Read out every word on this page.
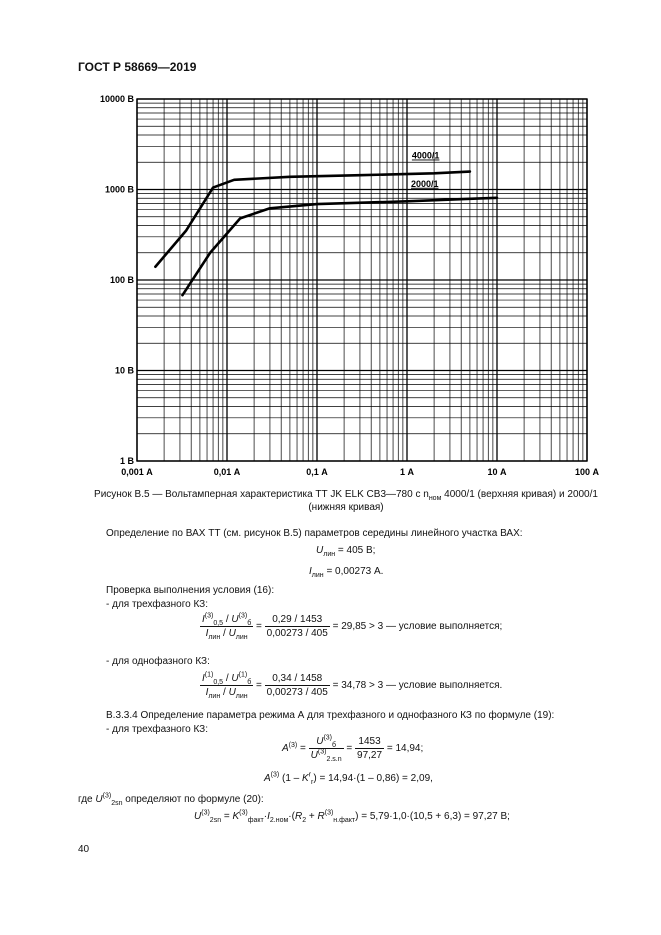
ГОСТ Р 58669—2019
0,001 А	0,01 А	0,1 А	1 А	10 А	100 А
1 В
10 В
100 В
1000 В
10000 В
4000/1
2000/1
Рисунок В.5 — Вольтамперная характеристика ТТ JK ELK CB3—780 с $n_{ном}$ 4000/1 (верхняя кривая) и 2000/1 (нижняя кривая)
Определение по ВАХ ТТ (см. рисунок В.5) параметров середины линейного участка ВАХ:
$U_{лин} = 405$ В;
$I_{лин} = 0,00273$ А.
Проверка выполнения условия (16):
- для трехфазного КЗ:
$\frac{I^{(3)}_{0,5} / U^{(3)}_б}{I_{лин} / U_{лин}} = \frac{0,29 / 1453}{0,00273 / 405} = 29,85 > 3$ — условие выполняется;
- для однофазного КЗ:
$\frac{I^{(1)}_{0,5} / U^{(1)}_б}{I_{лин} / U_{лин}} = \frac{0,34 / 1458}{0,00273 / 405} = 34,78 > 3$ — условие выполняется.
В.3.3.4 Определение параметра режима А для трехфазного и однофазного КЗ по формуле (19):
- для трехфазного КЗ:
$A^{(3)} = \frac{U^{(3)}_б}{U^{(3)}_{2.s.n}} = \frac{1453}{97,27} = 14,94$;
$A^{(3)}$ $(1 - K^r_r) = 14,94\cdot(1 - 0,86) = 2,09$,
где $U^{(3)}_{2sn}$ определяют по формуле (20):
$U^{(3)}_{2sn} = K^{(3)}_{факт}\cdot I_{2.ном}\cdot(R_2 + R^{(3)}_{н.факт}) = 5,79\cdot 1,0\cdot(10,5 + 6,3) = 97,27$ В;
40
